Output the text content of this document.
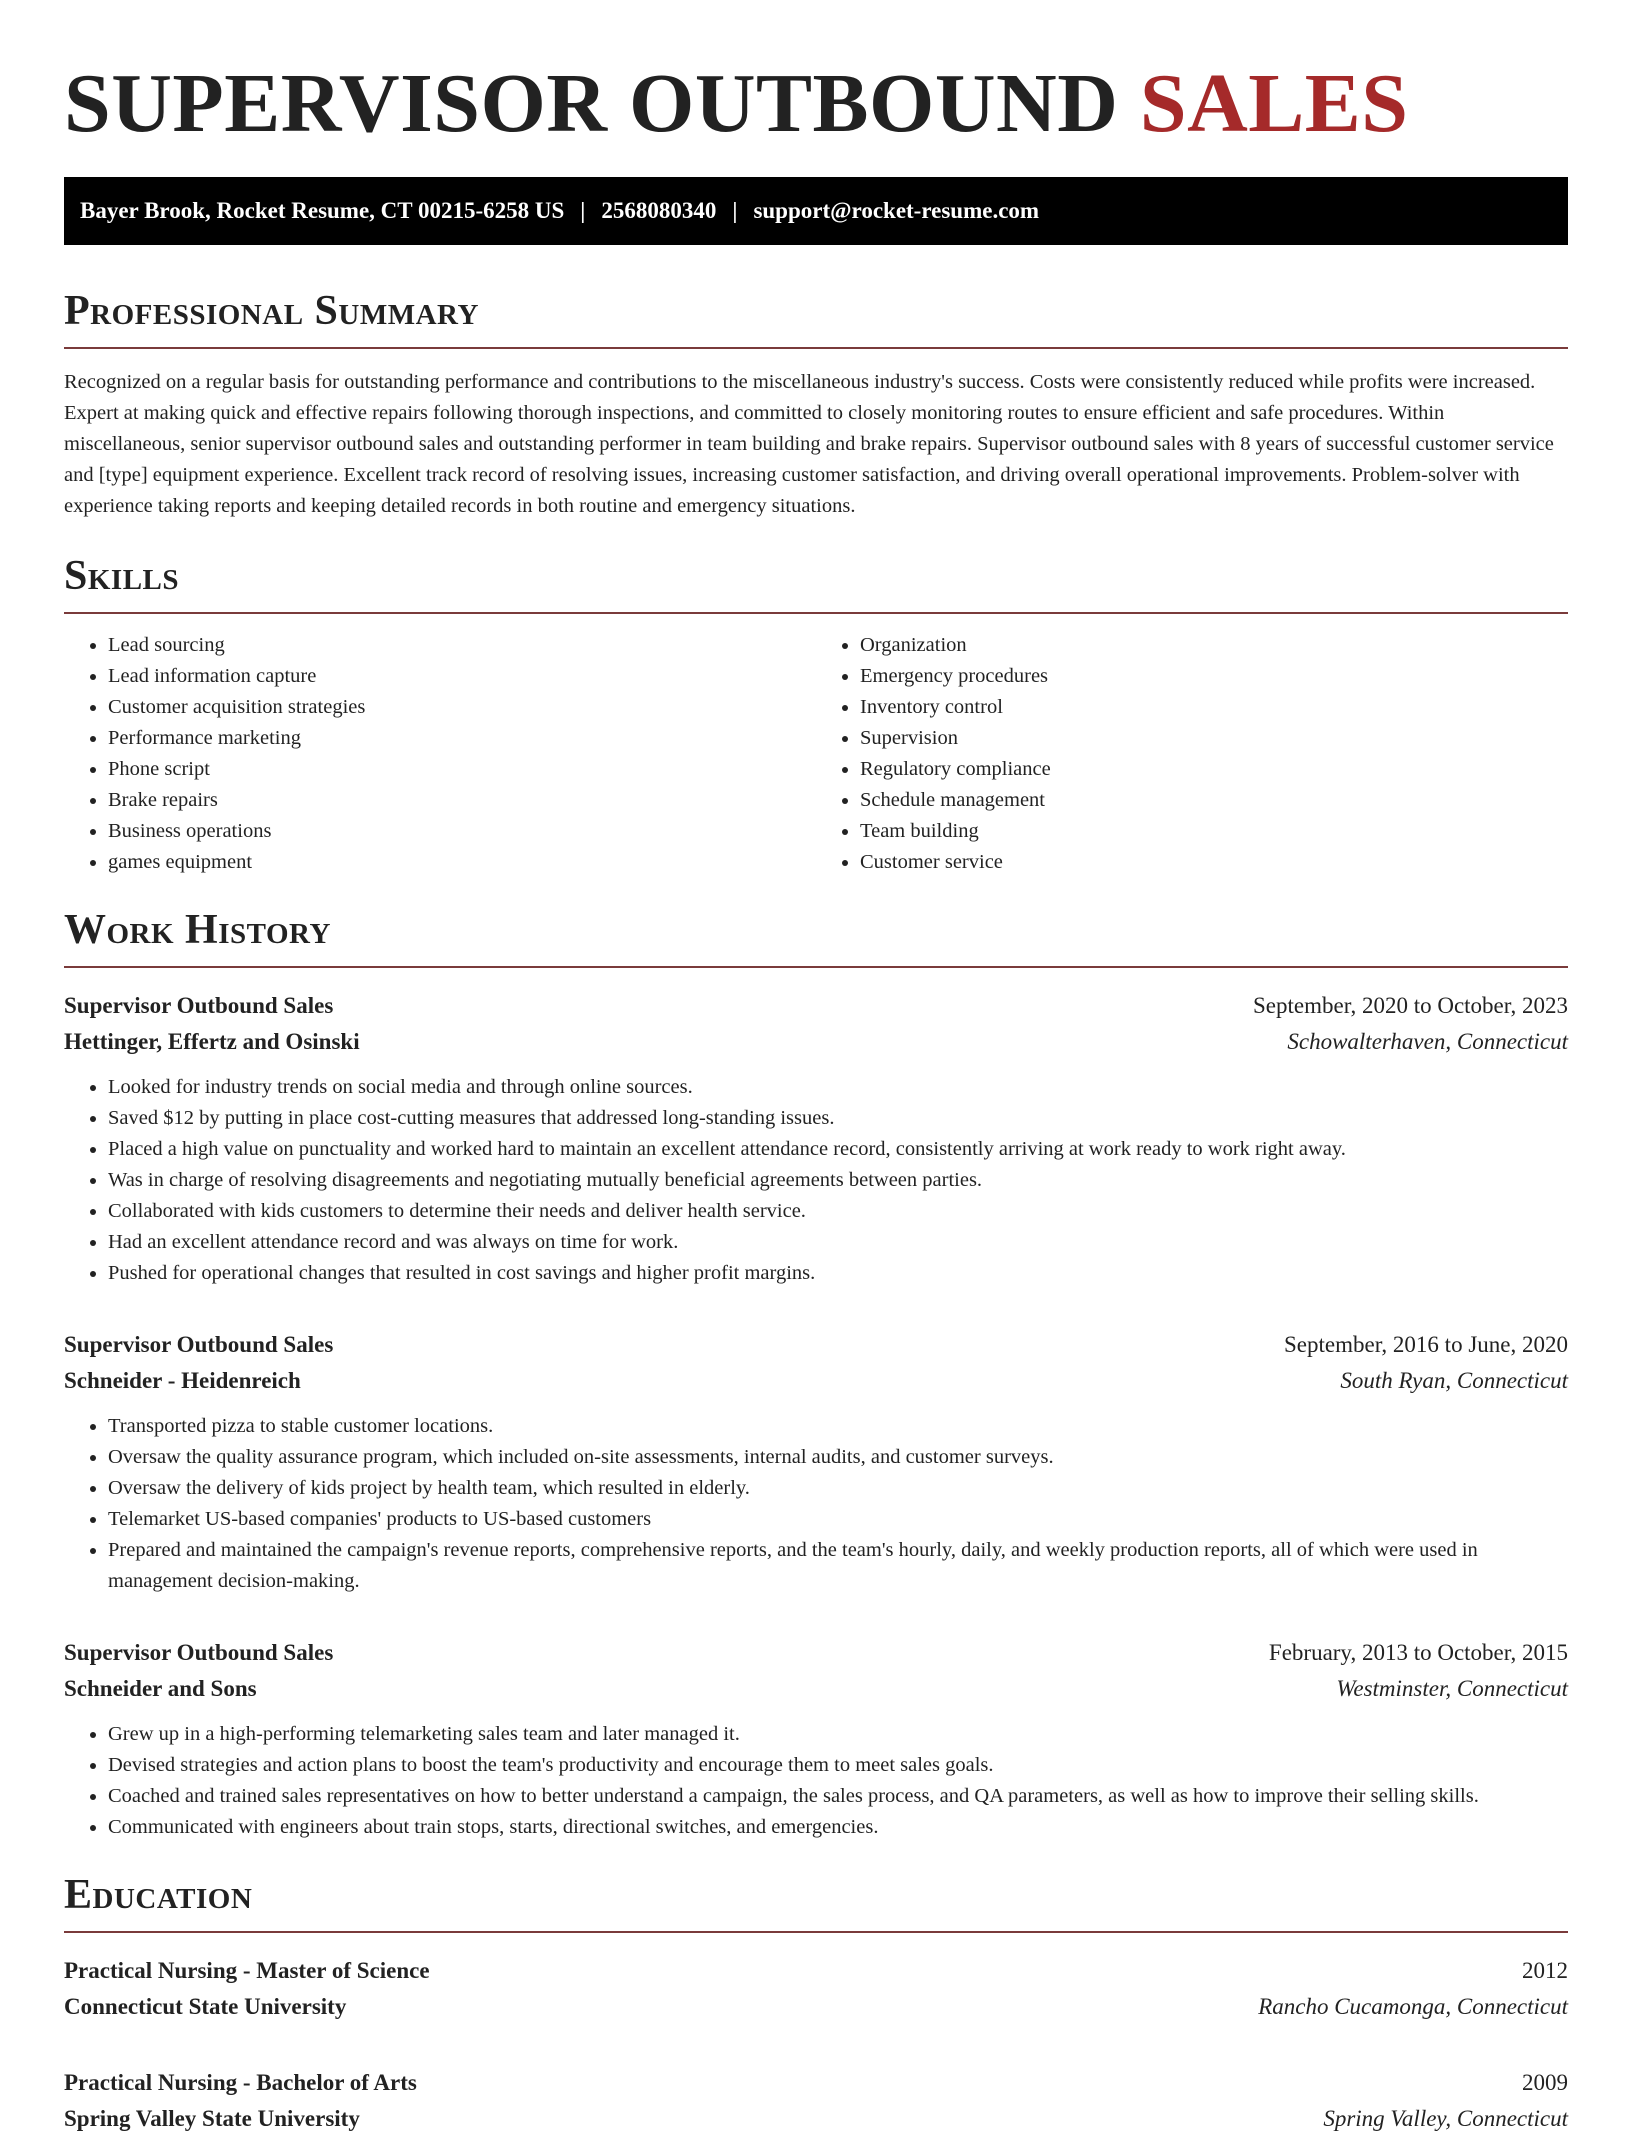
SUPERVISOR OUTBOUND SALES
Bayer Brook, Rocket Resume, CT 00215-6258 US | 2568080340 | support@rocket-resume.com
Professional Summary

Recognized on a regular basis for outstanding performance and contributions to the miscellaneous industry's success. Costs were consistently reduced while profits were increased. Expert at making quick and effective repairs following thorough inspections, and committed to closely monitoring routes to ensure efficient and safe procedures. Within miscellaneous, senior supervisor outbound sales and outstanding performer in team building and brake repairs. Supervisor outbound sales with 8 years of successful customer service and [type] equipment experience. Excellent track record of resolving issues, increasing customer satisfaction, and driving overall operational improvements. Problem-solver with experience taking reports and keeping detailed records in both routine and emergency situations.

Skills
• Lead sourcing
• Lead information capture
• Customer acquisition strategies
• Performance marketing
• Phone script
• Brake repairs
• Business operations
• games equipment
• Organization
• Emergency procedures
• Inventory control
• Supervision
• Regulatory compliance
• Schedule management
• Team building
• Customer service
Work History
Supervisor Outbound Sales	September, 2020 to October, 2023
Hettinger, Effertz and Osinski	Schowalterhaven, Connecticut
• Looked for industry trends on social media and through online sources.
• Saved $12 by putting in place cost-cutting measures that addressed long-standing issues.
• Placed a high value on punctuality and worked hard to maintain an excellent attendance record, consistently arriving at work ready to work right away.
• Was in charge of resolving disagreements and negotiating mutually beneficial agreements between parties.
• Collaborated with kids customers to determine their needs and deliver health service.
• Had an excellent attendance record and was always on time for work.
• Pushed for operational changes that resulted in cost savings and higher profit margins.
Supervisor Outbound Sales	September, 2016 to June, 2020
Schneider - Heidenreich	South Ryan, Connecticut
• Transported pizza to stable customer locations.
• Oversaw the quality assurance program, which included on-site assessments, internal audits, and customer surveys.
• Oversaw the delivery of kids project by health team, which resulted in elderly.
• Telemarket US-based companies' products to US-based customers
• Prepared and maintained the campaign's revenue reports, comprehensive reports, and the team's hourly, daily, and weekly production reports, all of which were used in management decision-making.
Supervisor Outbound Sales	February, 2013 to October, 2015
Schneider and Sons	Westminster, Connecticut
• Grew up in a high-performing telemarketing sales team and later managed it.
• Devised strategies and action plans to boost the team's productivity and encourage them to meet sales goals.
• Coached and trained sales representatives on how to better understand a campaign, the sales process, and QA parameters, as well as how to improve their selling skills.
• Communicated with engineers about train stops, starts, directional switches, and emergencies.
Education
Practical Nursing - Master of Science	2012
Connecticut State University	Rancho Cucamonga, Connecticut
Practical Nursing - Bachelor of Arts	2009
Spring Valley State University	Spring Valley, Connecticut
